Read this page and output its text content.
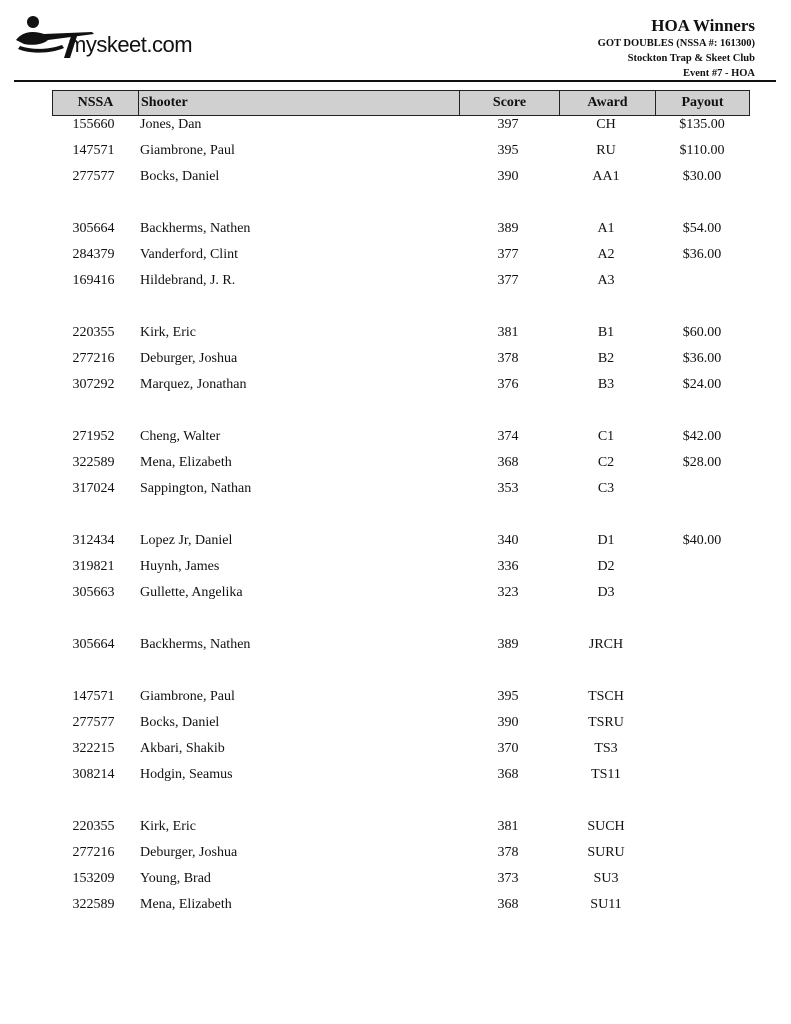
myskeet.com
HOA Winners
GOT DOUBLES (NSSA #: 161300)
Stockton Trap & Skeet Club
Event #7 - HOA
NSSA	Shooter	Score	Award	Payout
155660	Jones, Dan	397	CH	$135.00
147571	Giambrone, Paul	395	RU	$110.00
277577	Bocks, Daniel	390	AA1	$30.00
305664	Backherms, Nathen	389	A1	$54.00
284379	Vanderford, Clint	377	A2	$36.00
169416	Hildebrand, J. R.	377	A3
220355	Kirk, Eric	381	B1	$60.00
277216	Deburger, Joshua	378	B2	$36.00
307292	Marquez, Jonathan	376	B3	$24.00
271952	Cheng, Walter	374	C1	$42.00
322589	Mena, Elizabeth	368	C2	$28.00
317024	Sappington, Nathan	353	C3
312434	Lopez Jr, Daniel	340	D1	$40.00
319821	Huynh, James	336	D2
305663	Gullette, Angelika	323	D3
305664	Backherms, Nathen	389	JRCH
147571	Giambrone, Paul	395	TSCH
277577	Bocks, Daniel	390	TSRU
322215	Akbari, Shakib	370	TS3
308214	Hodgin, Seamus	368	TS11
220355	Kirk, Eric	381	SUCH
277216	Deburger, Joshua	378	SURU
153209	Young, Brad	373	SU3
322589	Mena, Elizabeth	368	SU11
